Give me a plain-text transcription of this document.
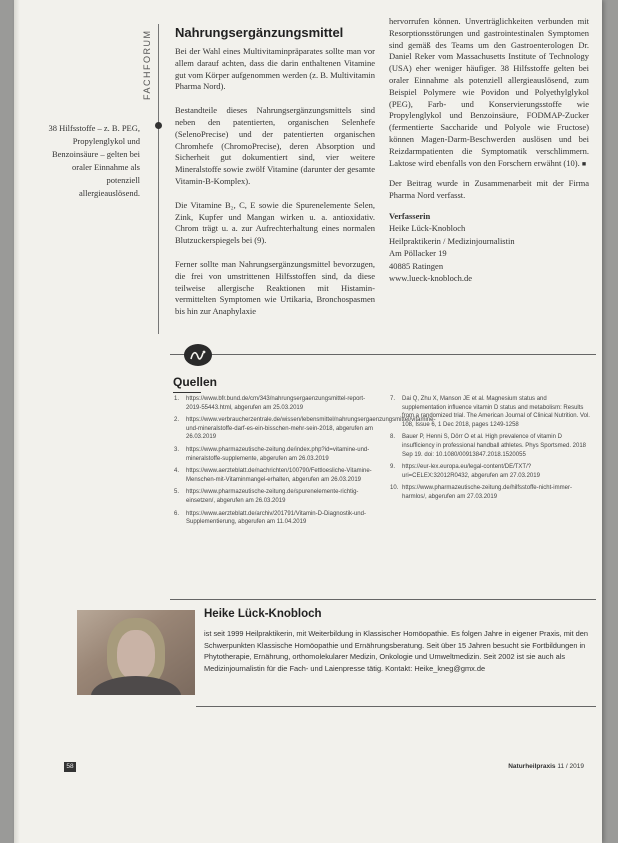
FACHFORUM
38 Hilfsstoffe – z. B. PEG, Propylenglykol und Benzoinsäure – gelten bei oraler Einnahme als potenziell allergieauslösend.
Nahrungsergänzungsmittel

Bei der Wahl eines Multivitaminpräparates sollte man vor allem darauf achten, dass die darin enthaltenen Vitamine gut vom Körper aufgenommen werden (z. B. Multivitamin Pharma Nord).

Bestandteile dieses Nahrungsergänzungsmittels sind neben den patentierten, organischen Selenhefe (SelenoPrecise) und der patentierten organischen Chromhefe (ChromoPrecise), deren Absorption und Sicherheit gut dokumentiert sind, vier weitere Mineralstoffe sowie zwölf Vitamine (darunter der gesamte Vitamin-B-Komplex).

Die Vitamine B₂, C, E sowie die Spurenelemente Selen, Zink, Kupfer und Mangan wirken u. a. antioxidativ. Chrom trägt u. a. zur Aufrechterhaltung eines normalen Blutzuckerspiegels bei (9).

Ferner sollte man Nahrungsergänzungsmittel bevorzugen, die frei von umstrittenen Hilfsstoffen sind, da diese teilweise allergische Reaktionen mit Histamin-vermittelten Symptomen wie Urtikaria, Bronchospasmen bis hin zur Anaphylaxie

hervorrufen können. Unverträglichkeiten verbunden mit Resorptionsstörungen und gastrointestinalen Symptomen sind gemäß des Teams um den Gastroenterologen Dr. Daniel Reker vom Massachusetts Institute of Technology (USA) eher weniger häufiger. 38 Hilfsstoffe gelten bei oraler Einnahme als potenziell allergieauslösend, zum Beispiel Polymere wie Povidon und Polyethylglykol (PEG), Farb- und Konservierungsstoffe wie Propylenglykol und Benzoinsäure, FODMAP-Zucker (fermentierte Saccharide und Polyole wie Fructose) können Magen-Darm-Beschwerden auslösen und bei Reizdarmpatienten die Symptomatik verschlimmern. Laktose wird ebenfalls von den Forschern erwähnt (10). ■

Der Beitrag wurde in Zusammenarbeit mit der Firma Pharma Nord verfasst.

Verfasserin
Heike Lück-Knobloch
Heilpraktikerin / Medizinjournalistin
Am Pöllacker 19
40885 Ratingen
www.lueck-knobloch.de
Quellen
1. https://www.bfr.bund.de/cm/343/nahrungsergaenzungsmittel-report-2019-55443.html, abgerufen am 25.03.2019
2. https://www.verbraucherzentrale.de/wissen/lebensmittel/nahrungsergaenzungsmittel/vitamine-und-mineralstoffe-darf-es-ein-bisschen-mehr-sein-2018, abgerufen am 26.03.2019
3. https://www.pharmazeutische-zeitung.de/index.php?id=vitamine-und-mineralstoffe-supplemente, abgerufen am 26.03.2019
4. https://www.aerzteblatt.de/nachrichten/100790/Fettloesliche-Vitamine-Menschen-mit-Vitaminmangel-erhalten, abgerufen am 26.03.2019
5. https://www.pharmazeutische-zeitung.de/spurenelemente-richtig-einsetzen/, abgerufen am 26.03.2019
6. https://www.aerzteblatt.de/archiv/201791/Vitamin-D-Diagnostik-und-Supplementierung, abgerufen am 11.04.2019
7. Dai Q, Zhu X, Manson JE et al. Magnesium status and supplementation influence vitamin D status and metabolism: Results from a randomized trial. The American Journal of Clinical Nutrition. Vol. 108, Issue 6, 1 Dec 2018, pages 1249-1258
8. Bauer P, Henni S, Dörr O et al. High prevalence of vitamin D insufficiency in professional handball athletes. Phys Sportsmed. 2018 Sep 19. doi: 10.1080/00913847.2018.1520055
9. https://eur-lex.europa.eu/legal-content/DE/TXT/?uri=CELEX:32012R0432, abgerufen am 27.03.2019
10. https://www.pharmazeutische-zeitung.de/hilfsstoffe-nicht-immer-harmlos/, abgerufen am 27.03.2019
Heike Lück-Knobloch
ist seit 1999 Heilpraktikerin, mit Weiterbildung in Klassischer Homöopathie. Es folgen Jahre in eigener Praxis, mit den Schwerpunkten Klassische Homöopathie und Ernährungsberatung. Seit über 15 Jahren besucht sie Fortbildungen in Phytotherapie, Ernährung, orthomolekularer Medizin, Onkologie und Umweltmedizin. Seit 2002 ist sie auch als Medizinjournalistin für die Fach- und Laienpresse tätig. Kontakt: Heike_kneg@gmx.de
58	Naturheilpraxis 11 / 2019
